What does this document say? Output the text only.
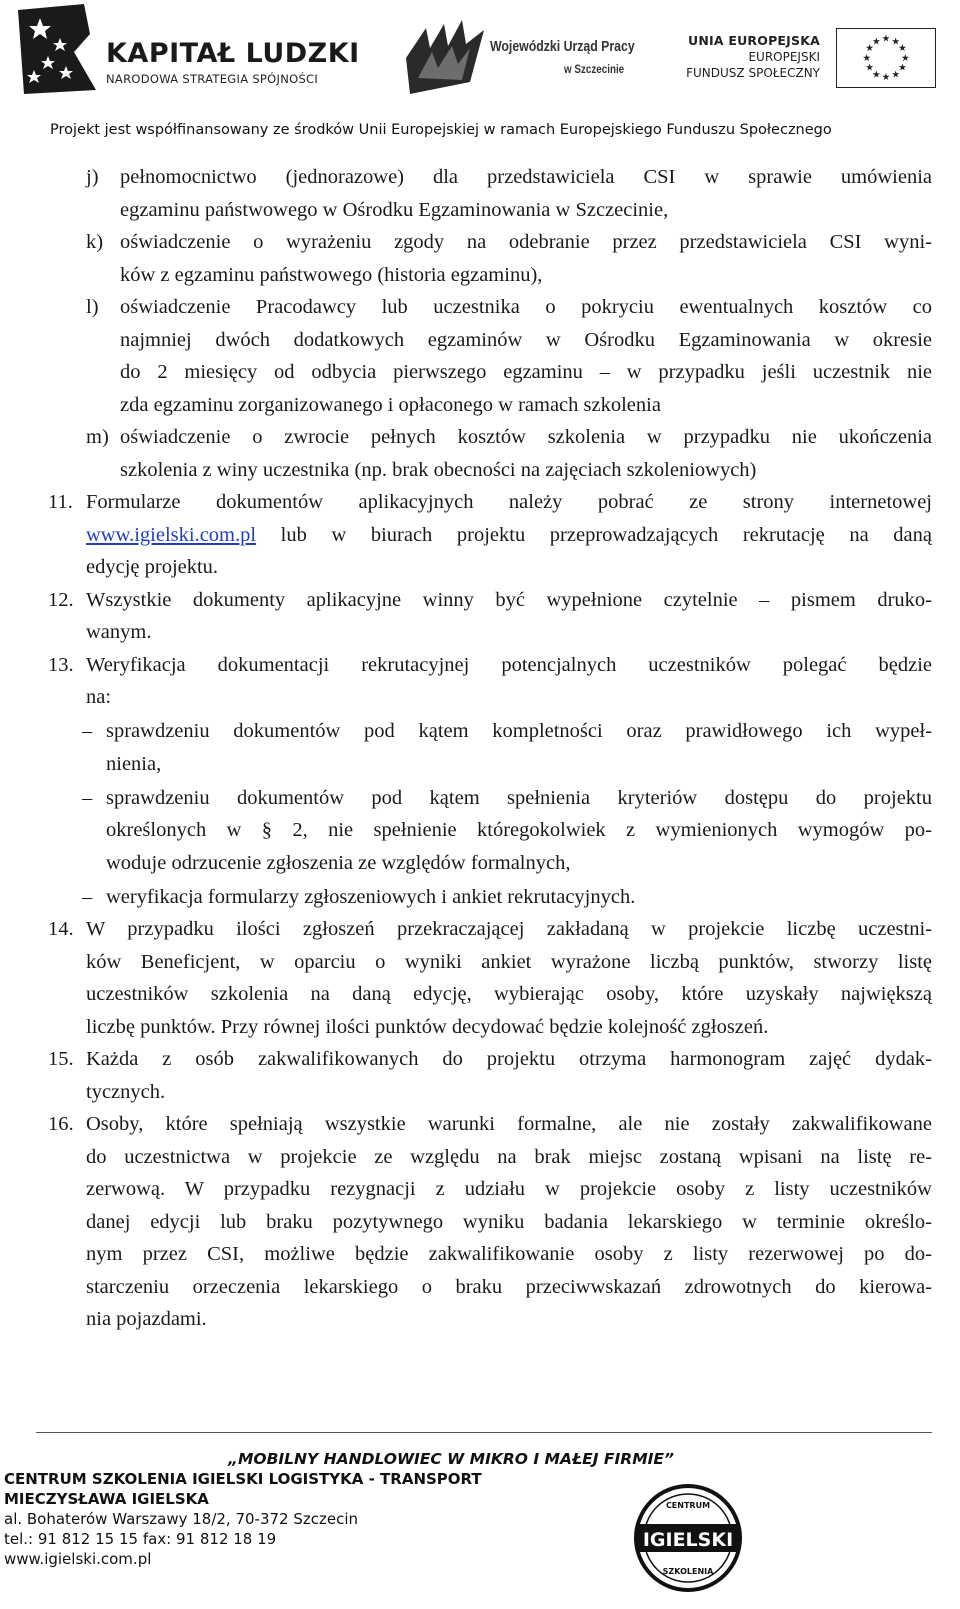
KAPITAŁ LUDZKI
NARODOWA STRATEGIA SPÓJNOŚCI
Wojewódzki Urząd Pracy
w Szczecinie
UNIA EUROPEJSKA
EUROPEJSKI
FUNDUSZ SPOŁECZNY
★ ★
★
★
★
★
★
★
★
★
★
★
Projekt jest współfinansowany ze środków Unii Europejskiej w ramach Europejskiego Funduszu Społecznego
j) pełnomocnictwo (jednorazowe) dla przedstawiciela CSI w sprawie umówienia
egzaminu państwowego w Ośrodku Egzaminowania w Szczecinie,
k) oświadczenie o wyrażeniu zgody na odebranie przez przedstawiciela CSI wyni-
ków z egzaminu państwowego (historia egzaminu),
l) oświadczenie Pracodawcy lub uczestnika o pokryciu ewentualnych kosztów co
najmniej dwóch dodatkowych egzaminów w Ośrodku Egzaminowania w okresie
do 2 miesięcy od odbycia pierwszego egzaminu – w przypadku jeśli uczestnik nie
zda egzaminu zorganizowanego i opłaconego w ramach szkolenia
m) oświadczenie o zwrocie pełnych kosztów szkolenia w przypadku nie ukończenia
szkolenia z winy uczestnika (np. brak obecności na zajęciach szkoleniowych)
11. Formularze dokumentów aplikacyjnych należy pobrać ze strony internetowej
www.igielski.com.pl lub w biurach projektu przeprowadzających rekrutację na daną
edycję projektu.
12. Wszystkie dokumenty aplikacyjne winny być wypełnione czytelnie – pismem druko-
wanym.
13. Weryfikacja dokumentacji rekrutacyjnej potencjalnych uczestników polegać będzie
na:
– sprawdzeniu dokumentów pod kątem kompletności oraz prawidłowego ich wypeł-
nienia,
– sprawdzeniu dokumentów pod kątem spełnienia kryteriów dostępu do projektu
określonych w § 2, nie spełnienie któregokolwiek z wymienionych wymogów po-
woduje odrzucenie zgłoszenia ze względów formalnych,
– weryfikacja formularzy zgłoszeniowych i ankiet rekrutacyjnych.
14. W przypadku ilości zgłoszeń przekraczającej zakładaną w projekcie liczbę uczestni-
ków Beneficjent, w oparciu o wyniki ankiet wyrażone liczbą punktów, stworzy listę
uczestników szkolenia na daną edycję, wybierając osoby, które uzyskały największą
liczbę punktów. Przy równej ilości punktów decydować będzie kolejność zgłoszeń.
15. Każda z osób zakwalifikowanych do projektu otrzyma harmonogram zajęć dydak-
tycznych.
16. Osoby, które spełniają wszystkie warunki formalne, ale nie zostały zakwalifikowane
do uczestnictwa w projekcie ze względu na brak miejsc zostaną wpisani na listę re-
zerwową. W przypadku rezygnacji z udziału w projekcie osoby z listy uczestników
danej edycji lub braku pozytywnego wyniku badania lekarskiego w terminie określo-
nym przez CSI, możliwe będzie zakwalifikowanie osoby z listy rezerwowej po do-
starczeniu orzeczenia lekarskiego o braku przeciwwskazań zdrowotnych do kierowa-
nia pojazdami.
„MOBILNY HANDLOWIEC W MIKRO I MAŁEJ FIRMIE”
CENTRUM SZKOLENIA IGIELSKI LOGISTYKA - TRANSPORT
MIECZYSŁAWA IGIELSKA
al. Bohaterów Warszawy 18/2, 70-372 Szczecin
tel.: 91 812 15 15 fax: 91 812 18 19
www.igielski.com.pl
IGIELSKI
CENTRUM
SZKOLENIA
